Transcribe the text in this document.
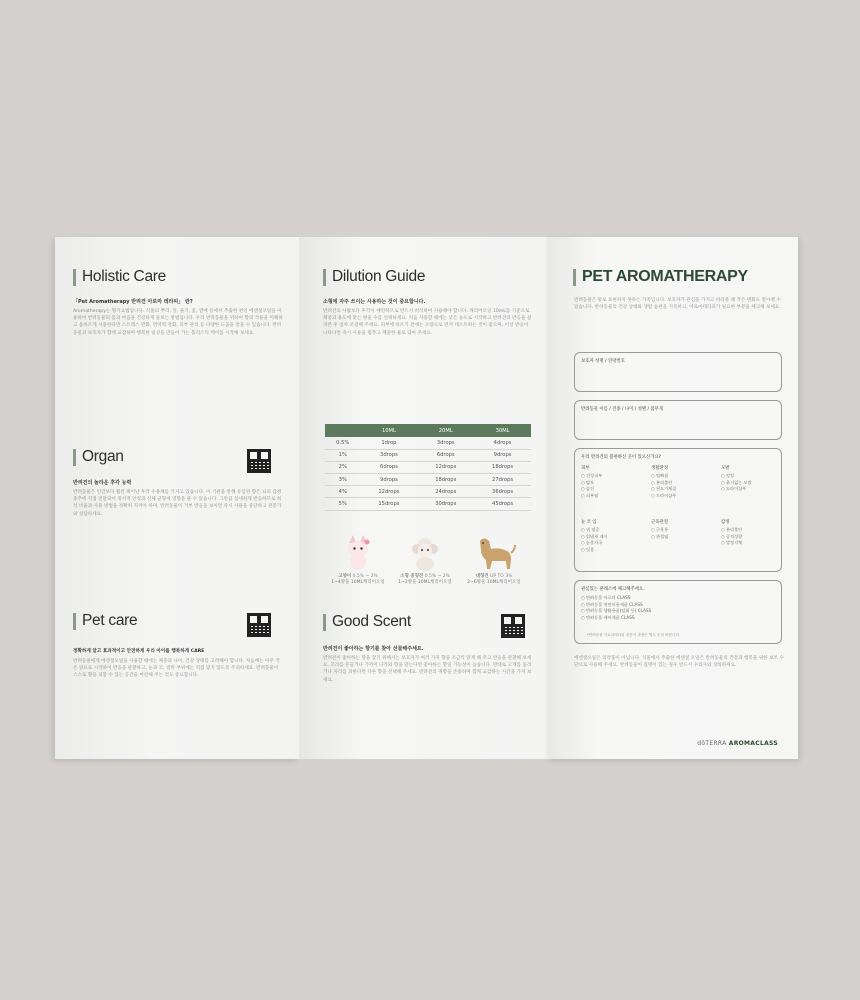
Holistic Care
「Pet Aromatherapy 반려견 아로마 테라피」 란?
Aromatherapy는 향기요법입니다. 식물의 뿌리, 잎, 줄기, 꽃, 열매 등에서 추출한 천연 에센셜오일을 이용하여 반려동물의 몸과 마음을 건강하게 돌보는 방법입니다. 우리 반려동물을 위하여 향의 작용을 이해하고 올바르게 사용한다면 스트레스 완화, 면역력 강화, 피부 관리 등 다양한 도움을 받을 수 있습니다. 반려동물과 보호자가 함께 교감하며 행복한 일상을 만들어 가는 홀리스틱 케어를 시작해 보세요.
Organ
반려견의 놀라운 후각 능력
반려동물은 인간보다 훨씬 뛰어난 후각 수용체를 가지고 있습니다. 이 기관을 통해 유입된 향은 뇌의 감정 중추에 직접 전달되어 정서적 안정과 신체 균형에 영향을 줄 수 있습니다. 그만큼 섬세하게 반응하므로 희석 비율과 사용 방법을 정확히 지켜야 하며, 반려동물이 거부 반응을 보이면 즉시 사용을 중단하고 전문가와 상담하세요.
Pet care
정확하게 알고 효과적이고 안전하게 우리 아이를 행복하게 CARE
반려동물에게 에센셜오일을 사용할 때에는 체중과 나이, 건강 상태를 고려해야 합니다. 처음에는 아주 적은 양으로 시작하여 반응을 관찰하고, 눈과 코, 점막 부위에는 직접 닿지 않도록 주의하세요. 반려동물이 스스로 향을 피할 수 있는 공간을 마련해 주는 것도 중요합니다.
Dilution Guide
소형에 자주 쓰이는 사용하는 것이 중요합니다.
반려견의 사람보다 후각이 예민하므로 반드시 희석하여 사용해야 합니다. 캐리어오일 10mL를 기준으로 체중과 용도에 맞는 방울 수를 선택하세요. 처음 사용할 때에는 낮은 농도로 시작하고 반려견의 반응을 살펴본 후 점차 조절해 주세요. 피부에 바르기 전에는 소량으로 먼저 테스트하는 것이 좋으며, 이상 반응이 나타나면 즉시 사용을 멈추고 깨끗한 물로 닦아 주세요.
	10ML	20ML	30ML
0.5%	1drop	3drops	4drops
1%	3drops	6drops	9drops
2%	6drops	12drops	18drops
3%	9drops	18drops	27drops
4%	12drops	24drops	36drops
5%	15drops	30drops	45drops
고양이 0.5% ~ 2%
1~4방울 10ML캐리어오일
소형 중형견 0.5% ~ 2%
1~2방울 10ML캐리어오일
대형견 UP TO 3%
2~6방울 10ML캐리어오일
Good Scent
반려견이 좋아하는 향기를 찾아 선물해주세요.
반려견이 좋아하는 향을 찾기 위해서는 보호자가 여러 가지 향을 조금씩 맡게 해 주고 반응을 관찰해 보세요. 꼬리를 흔들거나 가까이 다가와 향을 맡는다면 좋아하는 향일 가능성이 높습니다. 반대로 고개를 돌리거나 자리를 피한다면 다른 향을 선택해 주세요. 반려견의 취향을 존중하며 함께 교감하는 시간을 가져 보세요.
PET AROMATHERAPY
반려동물은 말로 표현하지 못하는 가족입니다. 보호자가 관심을 가지고 바라볼 때 작은 변화도 알아챌 수 있습니다. 반려동물의 건강 상태와 생활 습관을 기록하고, 아로마테라피가 필요한 부분을 체크해 보세요.
보호자 성명 / 연락번호
반려동물 이름 / 견종 / 나이 / 성별 / 몸무게
우리 반려견의 불편하신 곳이 있으신가요?
피부
○ 건성피부
○ 탈모
○ 습진
○ 피부염
생활환경
○ 털빠짐
○ 분리불안
○ 천도기체질
○ 드라이샴푸
모발
○ 엉킴
○ 윤기없는 모발
○ 드라이샴푸
눈 코 입
○ 귀 염증
○ 입냄새 제거
○ 눈물자국
○ 잇몸
근육관절
○ 근육통
○ 관절염
감정
○ 분리불안
○ 공격성향
○ 발정지체
관심있는 클래스에 체크해주세요.
○ 반려동물 아로마 CLASS
○ 반려동물 천연미용제품 CLASS
○ 반려동물 생활용품(탈취 등) CLASS
○ 반려동물 케어제품 CLASS
*반려동물 아로마테라피 전문가 과정은 별도 문의 바랍니다.
에센셜오일은 의약품이 아닙니다. 식물에서 추출한 에센셜 오일은 반려동물의 건강과 행복을 위한 보조 수단으로 사용해 주세요. 반려동물이 질병이 있는 경우 반드시 수의사와 상의하세요.
dōTERRA AROMACLASS
